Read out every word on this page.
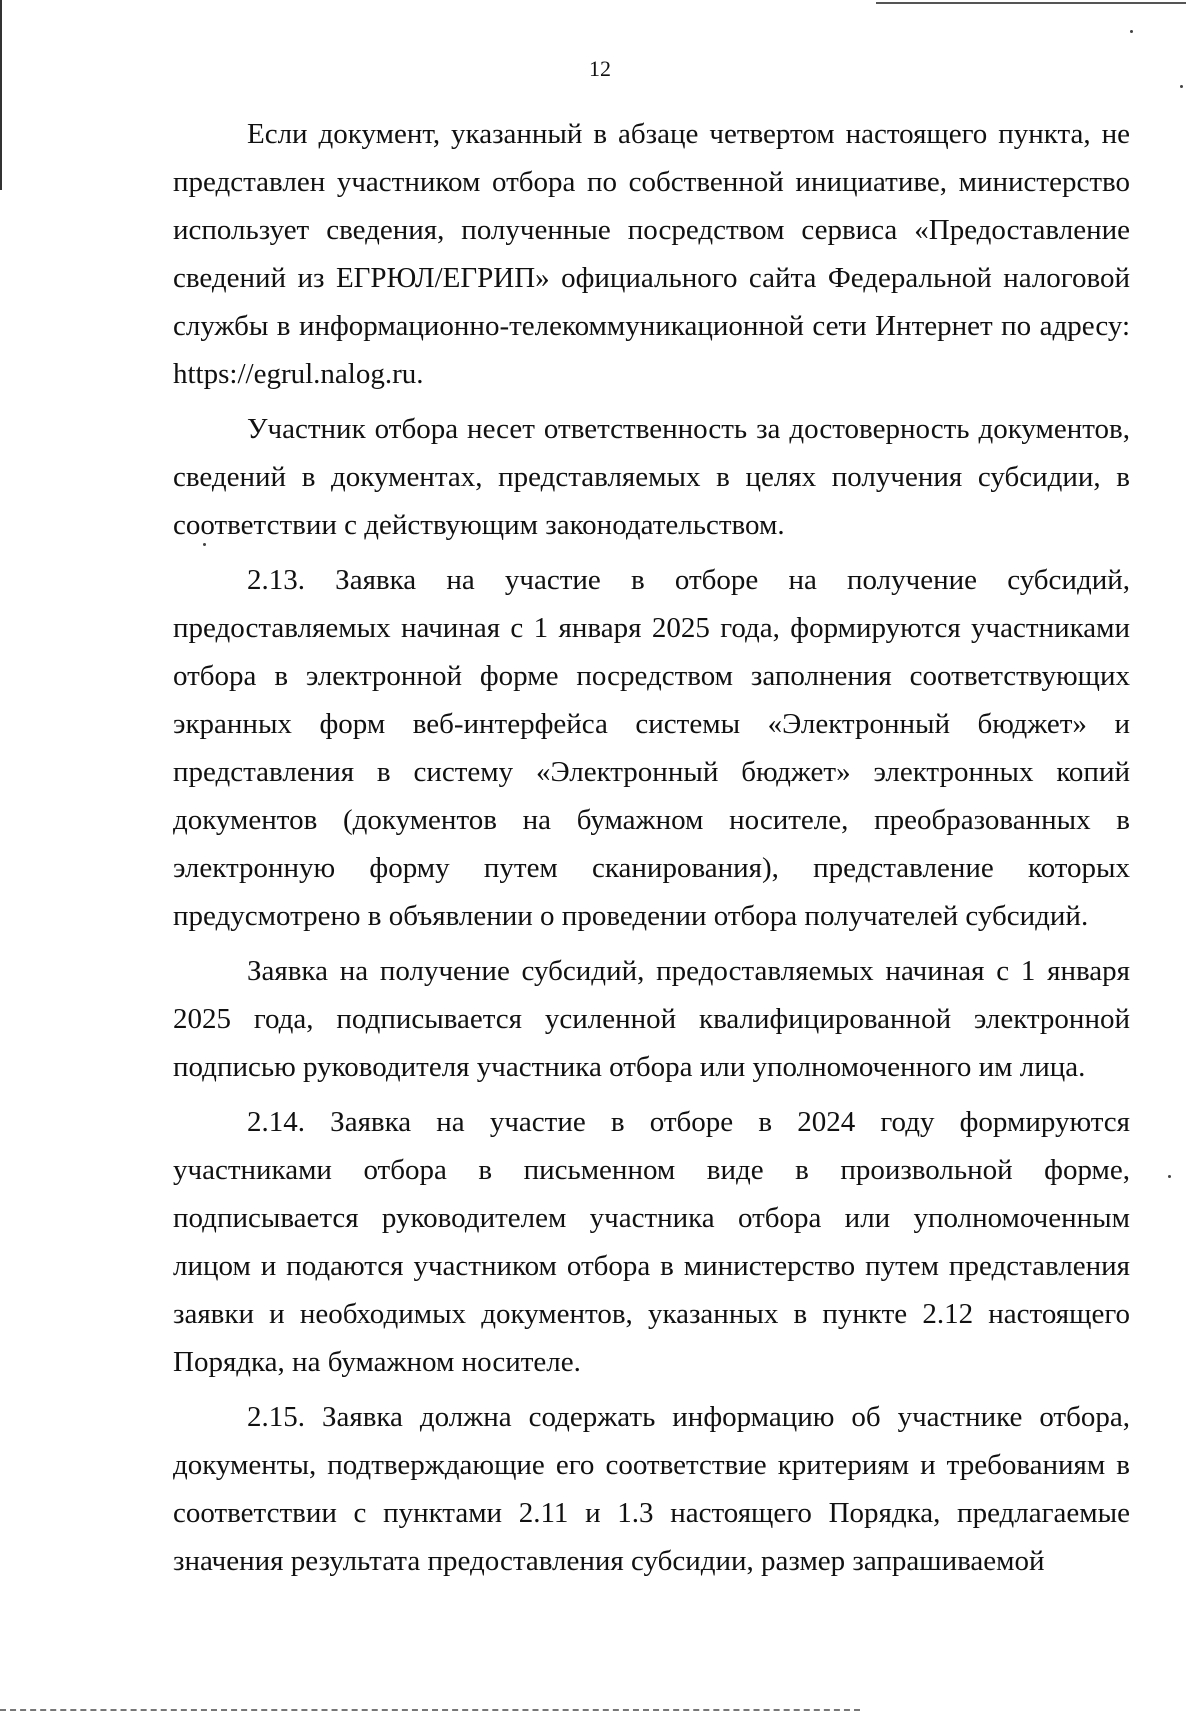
12

Если документ, указанный в абзаце четвертом настоящего пункта, не представлен участником отбора по собственной инициативе, министерство использует сведения, полученные посредством сервиса «Предоставление сведений из ЕГРЮЛ/ЕГРИП» официального сайта Федеральной налоговой службы в информационно-телекоммуникационной сети Интернет по адресу: https://egrul.nalog.ru.

Участник отбора несет ответственность за достоверность документов, сведений в документах, представляемых в целях получения субсидии, в соответствии с действующим законодательством.

2.13. Заявка на участие в отборе на получение субсидий, предоставляемых начиная с 1 января 2025 года, формируются участниками отбора в электронной форме посредством заполнения соответствующих экранных форм веб-интерфейса системы «Электронный бюджет» и представления в систему «Электронный бюджет» электронных копий документов (документов на бумажном носителе, преобразованных в электронную форму путем сканирования), представление которых предусмотрено в объявлении о проведении отбора получателей субсидий.

Заявка на получение субсидий, предоставляемых начиная с 1 января 2025 года, подписывается усиленной квалифицированной электронной подписью руководителя участника отбора или уполномоченного им лица.

2.14. Заявка на участие в отборе в 2024 году формируются участниками отбора в письменном виде в произвольной форме, подписывается руководителем участника отбора или уполномоченным лицом и подаются участником отбора в министерство путем представления заявки и необходимых документов, указанных в пункте 2.12 настоящего Порядка, на бумажном носителе.

2.15. Заявка должна содержать информацию об участнике отбора, документы, подтверждающие его соответствие критериям и требованиям в соответствии с пунктами 2.11 и 1.3 настоящего Порядка, предлагаемые значения результата предоставления субсидии, размер запрашиваемой
